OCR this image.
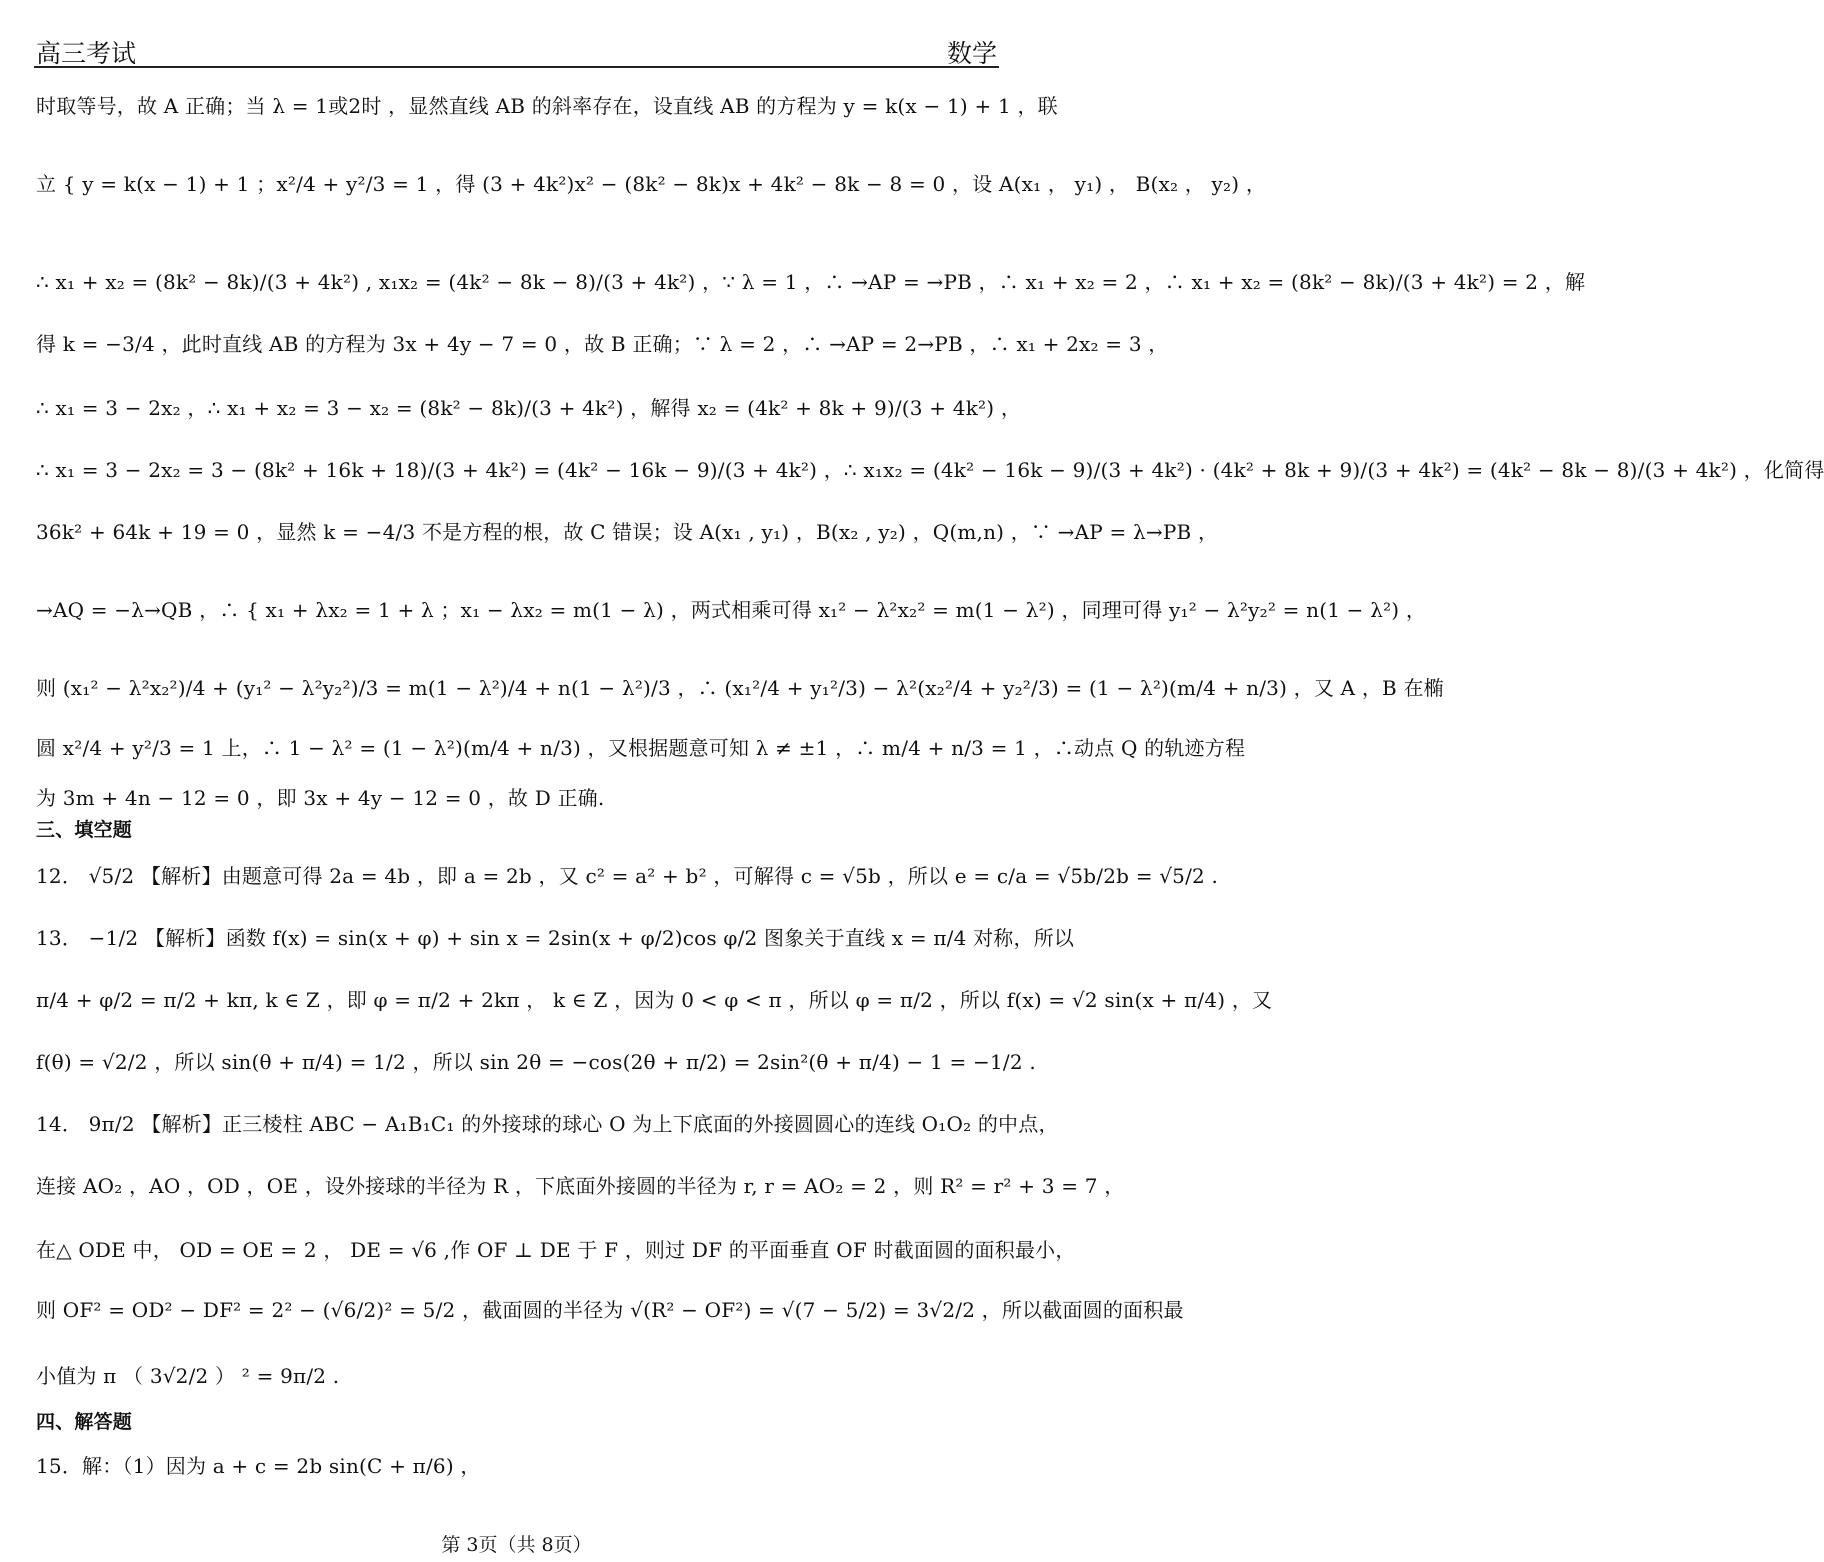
高三考试	数学
时取等号，故 A 正确；当 λ = 1或2时 ，显然直线 AB 的斜率存在，设直线 AB 的方程为 y = k(x − 1) + 1 ，联
立 { y = k(x − 1) + 1 ；x²/4 + y²/3 = 1 ，得 (3 + 4k²)x² − (8k² − 8k)x + 4k² − 8k − 8 = 0 ，设 A(x₁ ， y₁) ， B(x₂ ， y₂) ，
∴ x₁ + x₂ = (8k² − 8k)/(3 + 4k²) , x₁x₂ = (4k² − 8k − 8)/(3 + 4k²) ，∵ λ = 1 ，∴ →AP = →PB ，∴ x₁ + x₂ = 2 ，∴ x₁ + x₂ = (8k² − 8k)/(3 + 4k²) = 2 ，解
得 k = −3/4 ，此时直线 AB 的方程为 3x + 4y − 7 = 0 ，故 B 正确；∵ λ = 2 ，∴ →AP = 2→PB ，∴ x₁ + 2x₂ = 3 ，
∴ x₁ = 3 − 2x₂ ，∴ x₁ + x₂ = 3 − x₂ = (8k² − 8k)/(3 + 4k²) ，解得 x₂ = (4k² + 8k + 9)/(3 + 4k²) ，
∴ x₁ = 3 − 2x₂ = 3 − (8k² + 16k + 18)/(3 + 4k²) = (4k² − 16k − 9)/(3 + 4k²) ，∴ x₁x₂ = (4k² − 16k − 9)/(3 + 4k²) · (4k² + 8k + 9)/(3 + 4k²) = (4k² − 8k − 8)/(3 + 4k²) ，化简得
36k² + 64k + 19 = 0 ，显然 k = −4/3 不是方程的根，故 C 错误；设 A(x₁ , y₁) ，B(x₂ , y₂) ，Q(m,n) ，∵ →AP = λ→PB ，
→AQ = −λ→QB ，∴ { x₁ + λx₂ = 1 + λ ；x₁ − λx₂ = m(1 − λ) ，两式相乘可得 x₁² − λ²x₂² = m(1 − λ²) ，同理可得 y₁² − λ²y₂² = n(1 − λ²) ，
则 (x₁² − λ²x₂²)/4 + (y₁² − λ²y₂²)/3 = m(1 − λ²)/4 + n(1 − λ²)/3 ，∴ (x₁²/4 + y₁²/3) − λ²(x₂²/4 + y₂²/3) = (1 − λ²)(m/4 + n/3) ，又 A ，B 在椭
圆 x²/4 + y²/3 = 1 上，∴ 1 − λ² = (1 − λ²)(m/4 + n/3) ，又根据题意可知 λ ≠ ±1 ，∴ m/4 + n/3 = 1 ，∴动点 Q 的轨迹方程
为 3m + 4n − 12 = 0 ，即 3x + 4y − 12 = 0 ，故 D 正确.
三、填空题
12． √5/2 【解析】由题意可得 2a = 4b ，即 a = 2b ，又 c² = a² + b² ，可解得 c = √5b ，所以 e = c/a = √5b/2b = √5/2 .
13． −1/2 【解析】函数 f(x) = sin(x + φ) + sin x = 2sin(x + φ/2)cos φ/2 图象关于直线 x = π/4 对称，所以
π/4 + φ/2 = π/2 + kπ, k ∈ Z ，即 φ = π/2 + 2kπ ， k ∈ Z ，因为 0 < φ < π ，所以 φ = π/2 ，所以 f(x) = √2 sin(x + π/4) ，又
f(θ) = √2/2 ，所以 sin(θ + π/4) = 1/2 ，所以 sin 2θ = −cos(2θ + π/2) = 2sin²(θ + π/4) − 1 = −1/2 .
14． 9π/2 【解析】正三棱柱 ABC − A₁B₁C₁ 的外接球的球心 O 为上下底面的外接圆圆心的连线 O₁O₂ 的中点，
连接 AO₂ ，AO ，OD ，OE ，设外接球的半径为 R ，下底面外接圆的半径为 r, r = AO₂ = 2 ，则 R² = r² + 3 = 7 ，
在△ ODE 中， OD = OE = 2 ， DE = √6 ,作 OF ⊥ DE 于 F ，则过 DF 的平面垂直 OF 时截面圆的面积最小，
则 OF² = OD² − DF² = 2² − (√6/2)² = 5/2 ，截面圆的半径为 √(R² − OF²) = √(7 − 5/2) = 3√2/2 ，所以截面圆的面积最
小值为 π （ 3√2/2 ） ² = 9π/2 .
四、解答题
15．解：（1）因为 a + c = 2b sin(C + π/6) ，
第 3页（共 8页）
